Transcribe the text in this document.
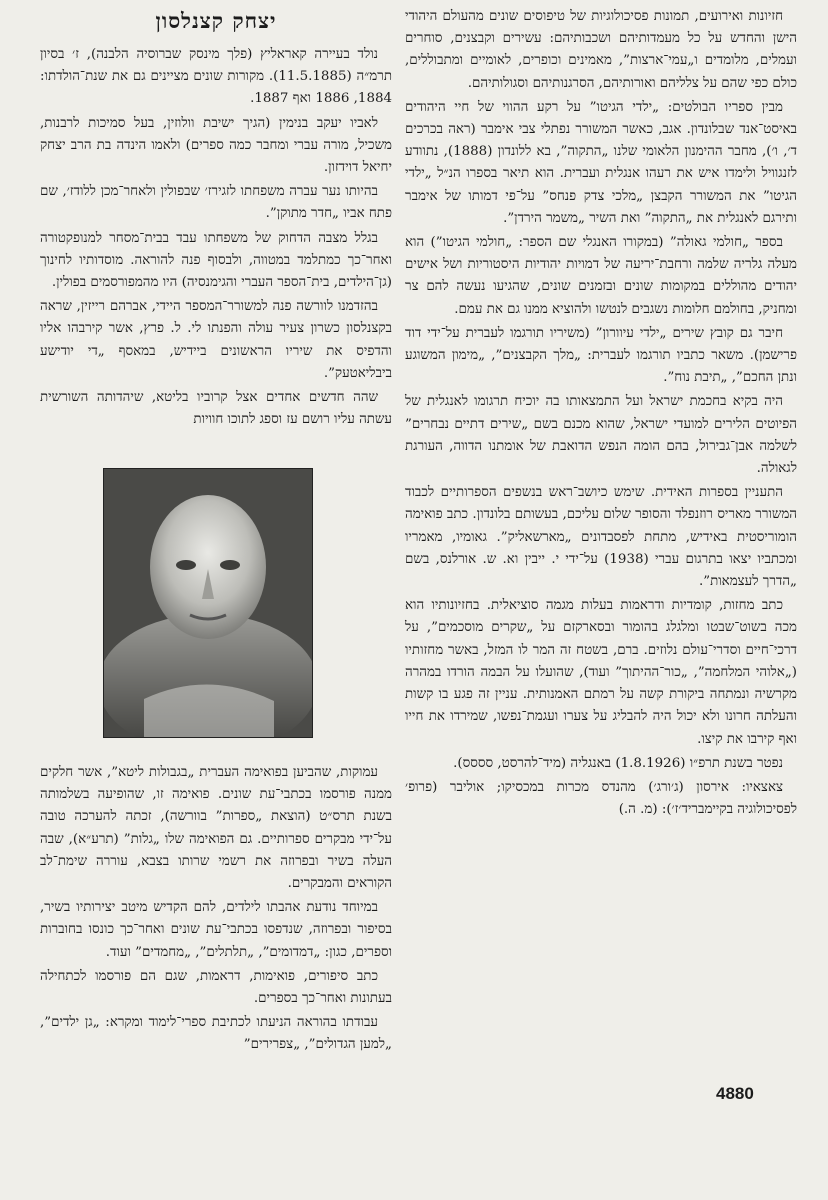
יצחק קצנלסון	חזיונות ואירועים, תמונות פסיכולוגיות של טיפוסים שונים מהעולם היהודי הישן והחדש על כל מעמדותיהם ושכבותיהם: עשירים וקבצנים, סוחרים ועמלים, מלומדים ו„עמי־ארצות”, מאמינים וכופרים, לאומיים ומתבוללים, כולם כפי שהם על צלליהם ואורותיהם, הסרגנותיהם וסגולותיהם.

מבין ספריו הבולטים: „ילדי הגיטו” על רקע ההווי של חיי היהודים באיסט־אנד שבלונדון. אגב, כאשר המשורר נפתלי צבי אימבר (ראה בכרכים ד׳, ו׳), מחבר ההימנון הלאומי שלנו „התקוה”, בא ללונדון (1888), נתוודע לזנגוויל ולימדו איש את רעהו אנגלית ועברית. הוא תיאר בספרו הנ״ל „ילדי הגיטו” את המשורר הקבצן „מלכי צדק פנחס” על־פי דמותו של אימבר ותירגם לאנגלית את „התקוה” ואת השיר „משמר הירדן”.

בספר „חולמי גאולה” (במקורו האנגלי שם הספר: „חולמי הגיטו”) הוא מעלה גלריה שלמה ורחבת־יריעה של דמויות יהודיות היסטוריות ושל אישים יהודים מהוללים במקומות שונים ובזמנים שונים, שהגיעו נעשה להם צר ומחניק, בחולמם חלומות נשגבים לנטשו ולהוציא ממנו גם את עמם.

חיבר גם קובץ שירים „ילדי עיוורון” (משיריו תורגמו לעברית על־ידי דוד פרישמן). משאר כתביו תורגמו לעברית: „מלך הקבצנים”, „מימון המשוגע ונתן החכם”, „תיבת נוח”.

היה בקיא בחכמת ישראל ועל התמצאותו בה יוכיח תרגומו לאנגלית של הפיוטים הלירים למועדי ישראל, שהוא מכנם בשם „שירים דתיים נבחרים” לשלמה אבן־גבירול, בהם הומה הנפש הדואבת של אומתנו הדווה, העורגת לגאולה.

התעניין בספרות האידית. שימש כיושב־ראש בנשפים הספרותיים לכבוד המשורר מאריס רוזנפלד והסופר שלום עליכם, בעשותם בלונדון. כתב פואימה הומוריסטית באידיש, מתחת לפסבדונים „מארשאליק”. גאומיו, מאמריו ומכתביו יצאו בתרגום עברי (1938) על־ידי י. ייבין וא. ש. אורלנס, בשם „הדרך לעצמאות”.

כתב מחזות, קומדיות ודראמות בעלות מגמה סוציאלית. בחזיונותיו הוא מכה בשוט־שבטו ומלגלג בהומור ובסארקזם על „שקרים מוסכמים”, על דרכי־חיים וסדרי־עולם נלוזים. ברם, בשטח זה המר לו המזל, באשר מחזותיו („אלוהי המלחמה”, „כור־ההיתוך” ועוד), שהועלו על הבמה הורדו במהרה מקרשיה ונמתחה ביקורת קשה על רמתם האמנותית. עניין זה פגע בו קשות והעלתה חרונו ולא יכול היה להבליג על צערו ועגמת־נפשו, שמירדו את חייו ואף קירבו את קיצו.

נפטר בשנת תרפ״ו (1.8.1926) באנגליה (מיד־להרסט, סססס).

צאצאיו: אירסון (ג׳ורג׳) מהנדס מכרות במכסיקו; אוליבר (פרופ׳ לפסיכולוגיה בקיימבריד׳ז׳): (מ. ה.)

נולד בעיירה קאראליץ (פלך מינסק שברוסיה הלבנה), ז׳ בסיון תרמ״ה (11.5.1885). מקורות שונים מציינים גם את שנת־הולדתו: 1884, 1886 ואף 1887.

לאביו יעקב בנימין (הגיך ישיבת וולוזין, בעל סמיכות לרבנות, משכיל, מורה עברי ומחבר כמה ספרים) ולאמו הינדה בת הרב יצחק יחיאל דוידזון.

בהיותו נער עברה משפחתו לזגירז׳ שבפולין ולאחר־מכן ללודז׳, שם פתח אביו „חדר מתוקן”.

בגלל מצבה הדחוק של משפחתו עבד בבית־מסחר למנופקטורה ואחר־כך כמתלמד במטווה, ולבסוף פנה להוראה. מוסדותיו לחינוך (גן־הילדים, בית־הספר העברי והגימנסיה) היו מהמפורסמים בפולין.

בהזדמנו לוורשה פנה למשורר־המספר היידי, אברהם רייזין, שראה בקצנלסון כשרון צעיר עולה והפנתו לי. ל. פרץ, אשר קירבהו אליו והדפיס את שיריו הראשונים ביידיש, במאסף „די יודישע ביבליאטעק”.

שהה חדשים אחדים אצל קרוביו בליטא, שיהדותה השורשית עשתה עליו רושם עז וספג לתוכו חוויות

עמוקות, שהביען בפואימה העברית „בגבולות ליטא”, אשר חלקים ממנה פורסמו בכתבי־עת שונים. פואימה זו, שהופיעה בשלמותה בשנת תרס״ט (הוצאת „ספרות” בוורשה), זכתה להערכה טובה על־ידי מבקרים ספרותיים. גם הפואימה שלו „גלות” (תרע״א), שבה העלה בשיר ובפרוזה את רשמי שרותו בצבא, עוררה שימת־לב הקוראים והמבקרים.

במיוחד נודעת אהבתו לילדים, להם הקדיש מיטב יצירותיו בשיר, בסיפור ובפרוזה, שנדפסו בכתבי־עת שונים ואחר־כך כונסו בחוברות וספרים, כגון: „דמדומים”, „תלתלים”, „מחמדים” ועוד.

כתב סיפורים, פואימות, דראמות, שגם הם פורסמו לכתחילה בעתונות ואחר־כך בספרים.

עבודתו בהוראה הניעתו לכתיבת ספרי־לימוד ומקרא: „גן ילדים”, „למען הגדולים”, „צפרירים”

4880
